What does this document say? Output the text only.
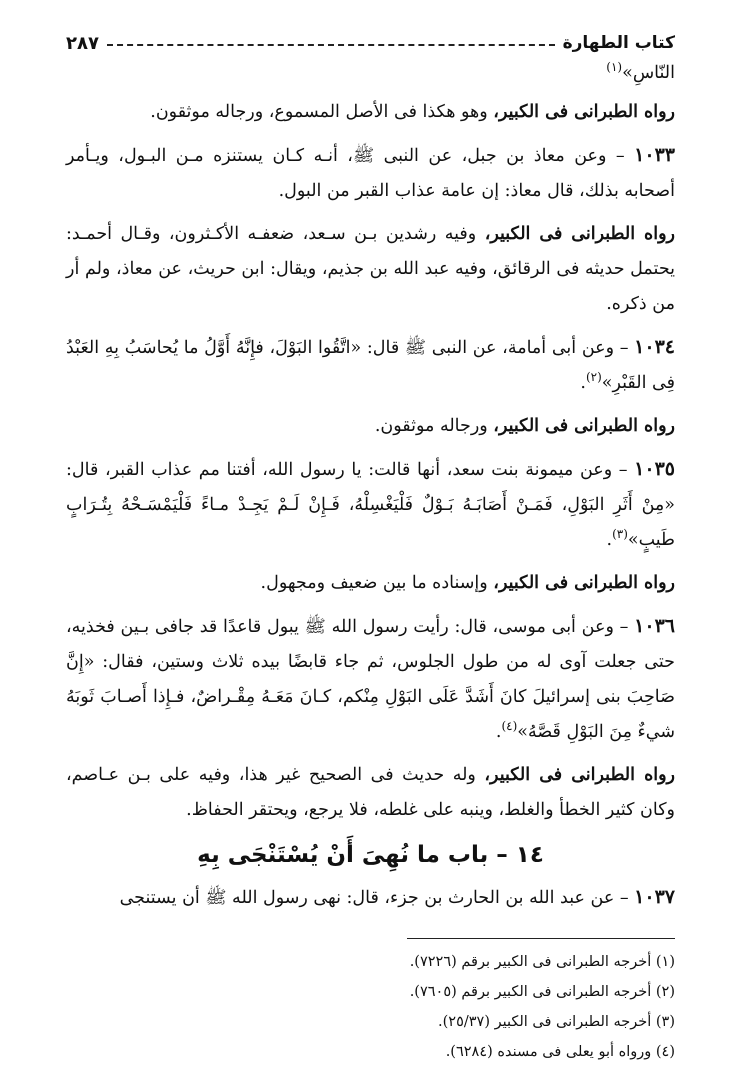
كتاب الطهارة
٢٨٧

النّاسِ»$^{(١)}$

رواه الطبرانى فى الكبير، وهو هكذا فى الأصل المسموع، ورجاله موثقون.

١٠٣٣ – وعن معاذ بن جبل، عن النبى ﷺ، أنـه كـان يستنزه مـن البـول، ويـأمر أصحابه بذلك، قال معاذ: إن عامة عذاب القبر من البول.

رواه الطبرانى فى الكبير، وفيه رشدين بـن سـعد، ضعفـه الأكـثرون، وقـال أحمـد: يحتمل حديثه فى الرقائق، وفيه عبد الله بن جذيم، ويقال: ابن حريث، عن معاذ، ولم أر من ذكره.

١٠٣٤ – وعن أبى أمامة، عن النبى ﷺ قال: «اتَّقُوا البَوْلَ، فإِنَّهُ أَوَّلُ ما يُحاسَبُ بِهِ العَبْدُ فِى القَبْرِ»$^{(٢)}$.

رواه الطبرانى فى الكبير، ورجاله موثقون.

١٠٣٥ – وعن ميمونة بنت سعد، أنها قالت: يا رسول الله، أفتنا مم عذاب القبر، قال: «مِنْ أَثَرِ البَوْلِ، فَمَـنْ أَصَابَـهُ بَـوْلٌ فَلْيَغْسِلْهُ، فَـإِنْ لَـمْ يَجِـدْ مـاءً فَلْيَمْسَـحْهُ بِتُـرَابٍ طَيبٍ»$^{(٣)}$.

رواه الطبرانى فى الكبير، وإسناده ما بين ضعيف ومجهول.

١٠٣٦ – وعن أبى موسى، قال: رأيت رسول الله ﷺ يبول قاعدًا قد جافى بـين فخذيه، حتى جعلت آوى له من طول الجلوس، ثم جاء قابضًا بيده ثلاث وستين، فقال: «إِنَّ صَاحِبَ بنى إسرائيلَ كانَ أَشَدَّ عَلَى البَوْلِ مِنْكم، كـانَ مَعَـهُ مِقْـراضٌ، فـإِذا أَصـابَ ثَوبَهُ شيءٌ مِنَ البَوْلِ قَصَّهُ»$^{(٤)}$.

رواه الطبرانى فى الكبير، وله حديث فى الصحيح غير هذا، وفيه على بـن عـاصم، وكان كثير الخطأ والغلط، وينبه على غلطه، فلا يرجع، ويحتقر الحفاظ.

١٤ – باب ما نُهِىَ أَنْ يُسْتَنْجَى بِهِ

١٠٣٧ – عن عبد الله بن الحارث بن جزء، قال: نهى رسول الله ﷺ أن يستنجى

(١) أخرجه الطبرانى فى الكبير برقم (٧٢٢٦).
(٢) أخرجه الطبرانى فى الكبير برقم (٧٦٠٥).
(٣) أخرجه الطبرانى فى الكبير (٢٥/٣٧).
(٤) ورواه أبو يعلى فى مسنده (٦٢٨٤).
